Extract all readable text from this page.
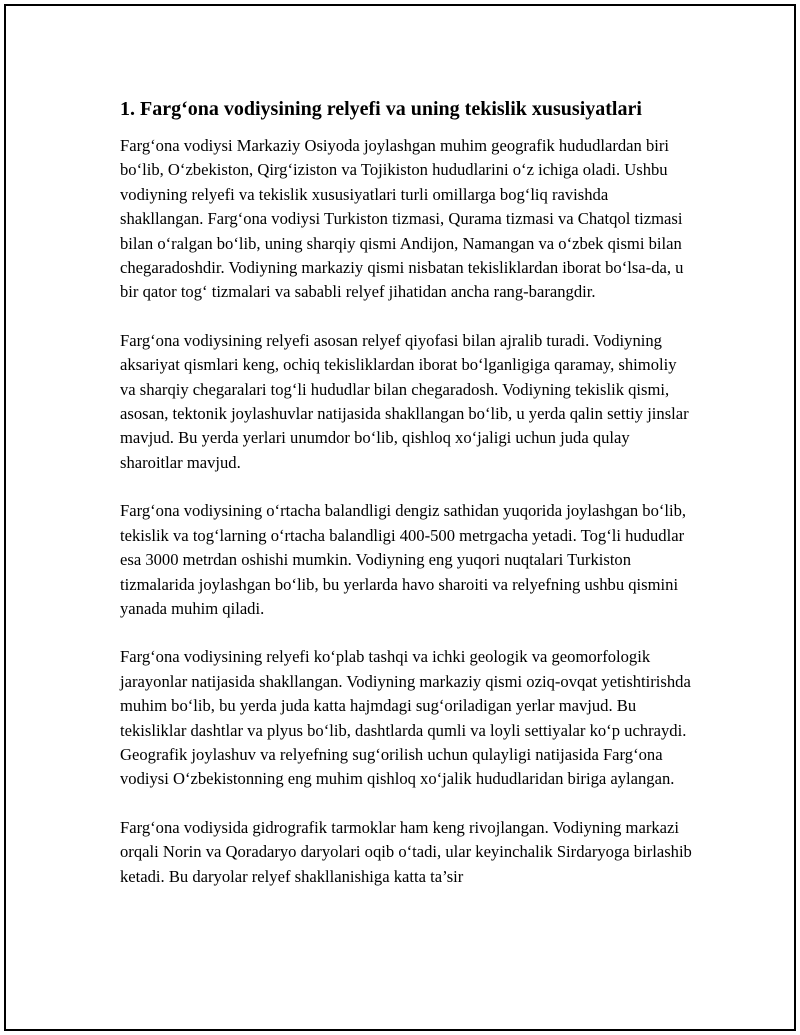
1. Farg‘ona vodiysining relyefi va uning tekislik xususiyatlari

Farg‘ona vodiysi Markaziy Osiyoda joylashgan muhim geografik hududlardan biri bo‘lib, O‘zbekiston, Qirg‘iziston va Tojikiston hududlarini o‘z ichiga oladi. Ushbu vodiyning relyefi va tekislik xususiyatlari turli omillarga bog‘liq ravishda shakllangan. Farg‘ona vodiysi Turkiston tizmasi, Qurama tizmasi va Chatqol tizmasi bilan o‘ralgan bo‘lib, uning sharqiy qismi Andijon, Namangan va o‘zbek qismi bilan chegaradoshdir. Vodiyning markaziy qismi nisbatan tekisliklardan iborat bo‘lsa-da, u bir qator tog‘ tizmalari va sababli relyef jihatidan ancha rang-barangdir.

Farg‘ona vodiysining relyefi asosan relyef qiyofasi bilan ajralib turadi. Vodiyning aksariyat qismlari keng, ochiq tekisliklardan iborat bo‘lganligiga qaramay, shimoliy va sharqiy chegaralari tog‘li hududlar bilan chegaradosh. Vodiyning tekislik qismi, asosan, tektonik joylashuvlar natijasida shakllangan bo‘lib, u yerda qalin settiy jinslar mavjud. Bu yerda yerlari unumdor bo‘lib, qishloq xo‘jaligi uchun juda qulay sharoitlar mavjud.

Farg‘ona vodiysining o‘rtacha balandligi dengiz sathidan yuqorida joylashgan bo‘lib, tekislik va tog‘larning o‘rtacha balandligi 400-500 metrgacha yetadi. Tog‘li hududlar esa 3000 metrdan oshishi mumkin. Vodiyning eng yuqori nuqtalari Turkiston tizmalarida joylashgan bo‘lib, bu yerlarda havo sharoiti va relyefning ushbu qismini yanada muhim qiladi.

Farg‘ona vodiysining relyefi ko‘plab tashqi va ichki geologik va geomorfologik jarayonlar natijasida shakllangan. Vodiyning markaziy qismi oziq-ovqat yetishtirishda muhim bo‘lib, bu yerda juda katta hajmdagi sug‘oriladigan yerlar mavjud. Bu tekisliklar dashtlar va plyus bo‘lib, dashtlarda qumli va loyli settiyalar ko‘p uchraydi. Geografik joylashuv va relyefning sug‘orilish uchun qulayligi natijasida Farg‘ona vodiysi O‘zbekistonning eng muhim qishloq xo‘jalik hududlaridan biriga aylangan.

Farg‘ona vodiysida gidrografik tarmoklar ham keng rivojlangan. Vodiyning markazi orqali Norin va Qoradaryo daryolari oqib o‘tadi, ular keyinchalik Sirdaryoga birlashib ketadi. Bu daryolar relyef shakllanishiga katta ta’sir
